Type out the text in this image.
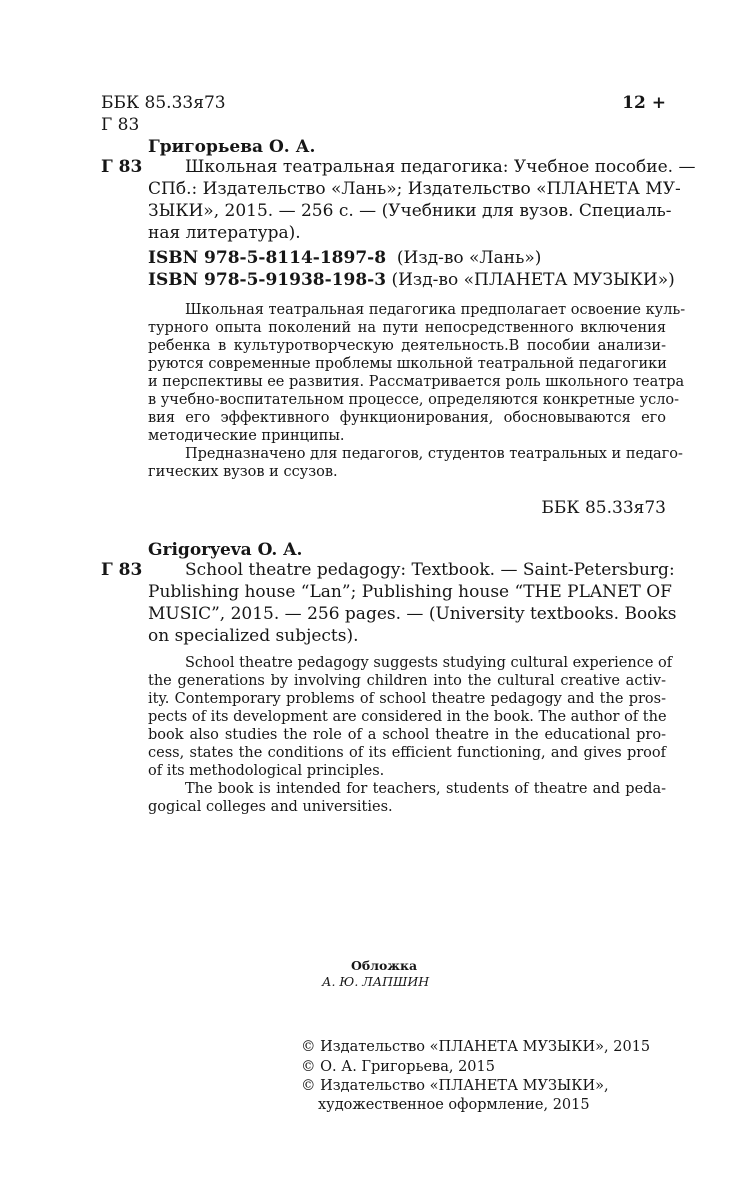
ББК 85.33я73
Г 83
12 +
Григорьева О. А.
Г 83	Школьная театральная педагогика: Учебное пособие. —
СПб.: Издательство «Лань»; Издательство «ПЛАНЕТА МУ-
ЗЫКИ», 2015. — 256 с. — (Учебники для вузов. Специаль-
ная литература).
ISBN 978-5-8114-1897-8 (Изд-во «Лань»)
ISBN 978-5-91938-198-3 (Изд-во «ПЛАНЕТА МУЗЫКИ»)
Школьная театральная педагогика предполагает освоение куль-
турного опыта поколений на пути непосредственного включения
ребенка в культуротворческую деятельность.В пособии анализи-
руются современные проблемы школьной театральной педагогики
и перспективы ее развития. Рассматривается роль школьного театра
в учебно-воспитательном процессе, определяются конкретные усло-
вия его эффективного функционирования, обосновываются его
методические принципы.
Предназначено для педагогов, студентов театральных и педаго-
гических вузов и ссузов.
ББК 85.33я73
Grigoryeva O. A.
Г 83	School theatre pedagogy: Textbook. — Saint-Petersburg:
Publishing house “Lan”; Publishing house “THE PLANET OF
MUSIC”, 2015. — 256 pages. — (University textbooks. Books
on specialized subjects).
School theatre pedagogy suggests studying cultural experience of
the generations by involving children into the cultural creative activ-
ity. Contemporary problems of school theatre pedagogy and the pros-
pects of its development are considered in the book. The author of the
book also studies the role of a school theatre in the educational pro-
cess, states the conditions of its efficient functioning, and gives proof
of its methodological principles.
The book is intended for teachers, students of theatre and peda-
gogical colleges and universities.
Обложка
А. Ю. ЛАПШИН
© Издательство «ПЛАНЕТА МУЗЫКИ», 2015
© О. А. Григорьева, 2015
© Издательство «ПЛАНЕТА МУЗЫКИ»,
художественное оформление, 2015
